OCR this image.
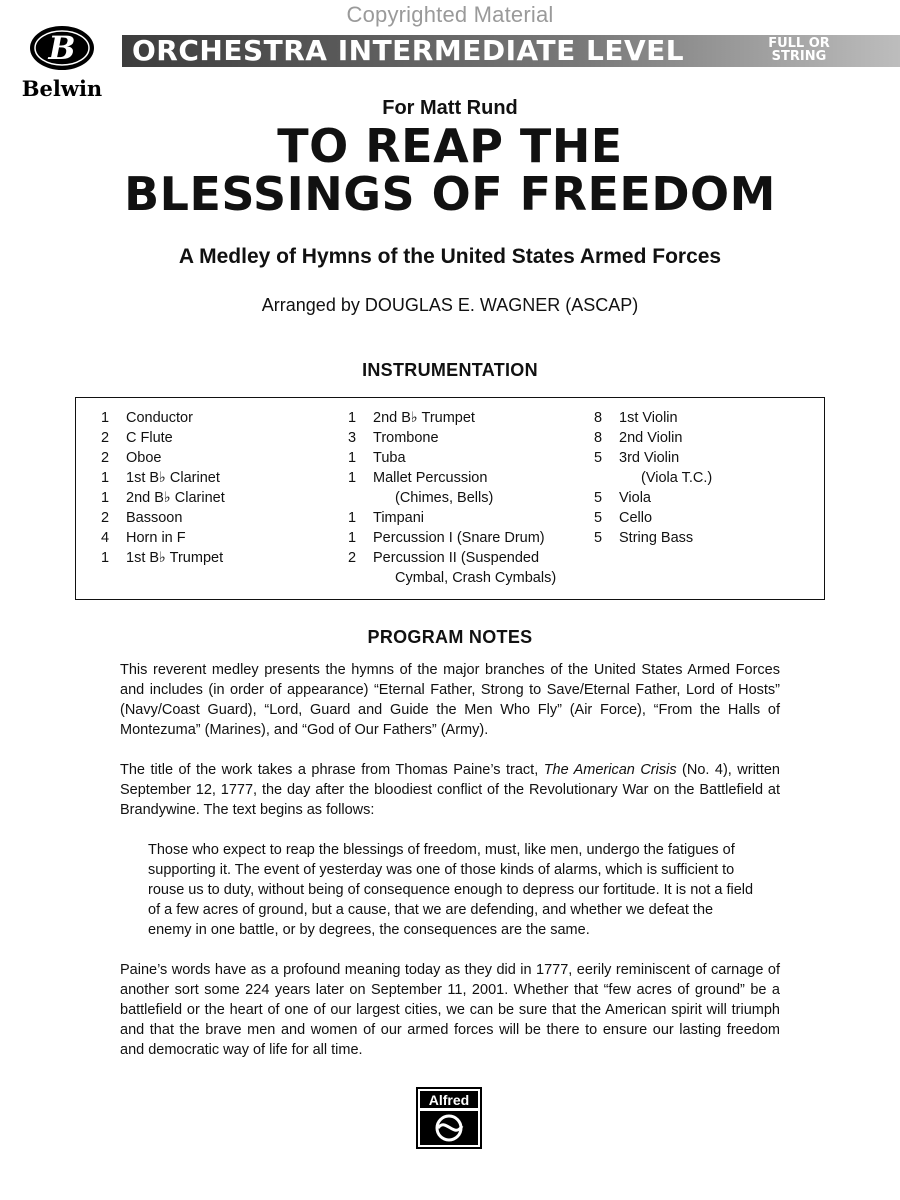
Copyrighted Material
B
Belwin
ORCHESTRA INTERMEDIATE LEVEL	FULL OR
STRING
For Matt Rund
TO REAP THE
BLESSINGS OF FREEDOM
A Medley of Hymns of the United States Armed Forces
Arranged by DOUGLAS E. WAGNER (ASCAP)
INSTRUMENTATION
1	Conductor
2	C Flute
2	Oboe
1	1st B♭ Clarinet
1	2nd B♭ Clarinet
2	Bassoon
4	Horn in F
1	1st B♭ Trumpet
1	2nd B♭ Trumpet
3	Trombone
1	Tuba
1	Mallet Percussion
(Chimes, Bells)
1	Timpani
1	Percussion I (Snare Drum)
2	Percussion II (Suspended
Cymbal, Crash Cymbals)
8	1st Violin
8	2nd Violin
5	3rd Violin
(Viola T.C.)
5	Viola
5	Cello
5	String Bass
PROGRAM NOTES
This reverent medley presents the hymns of the major branches of the United States Armed Forces and includes (in order of appearance) “Eternal Father, Strong to Save/Eternal Father, Lord of Hosts” (Navy/Coast Guard), “Lord, Guard and Guide the Men Who Fly” (Air Force), “From the Halls of Montezuma” (Marines), and “God of Our Fathers” (Army).
The title of the work takes a phrase from Thomas Paine’s tract, The American Crisis (No. 4), written September 12, 1777, the day after the bloodiest conflict of the Revolutionary War on the Battlefield at Brandywine. The text begins as follows:
Those who expect to reap the blessings of freedom, must, like men, undergo the fatigues of supporting it. The event of yesterday was one of those kinds of alarms, which is sufficient to rouse us to duty, without being of consequence enough to depress our fortitude. It is not a field of a few acres of ground, but a cause, that we are defending, and whether we defeat the enemy in one battle, or by degrees, the consequences are the same.
Paine’s words have as a profound meaning today as they did in 1777, eerily reminiscent of carnage of another sort some 224 years later on September 11, 2001. Whether that “few acres of ground” be a battlefield or the heart of one of our largest cities, we can be sure that the American spirit will triumph and that the brave men and women of our armed forces will be there to ensure our lasting freedom and democratic way of life for all time.
Alfred
